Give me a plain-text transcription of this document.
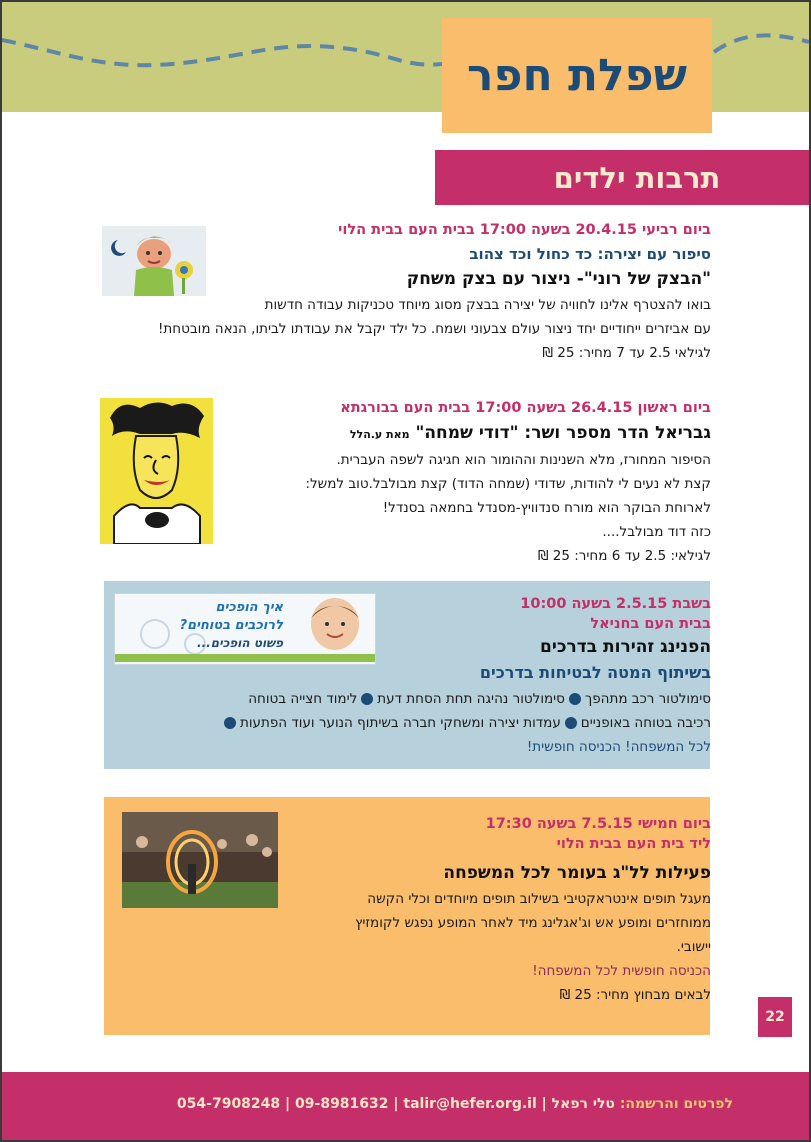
שפלת חפר
תרבות ילדים
ביום רביעי 20.4.15 בשעה 17:00 בבית העם בבית הלוי
סיפור עם יצירה: כד כחול וכד צהוב
"הבצק של רוני"- ניצור עם בצק משחק
בואו להצטרף אלינו לחוויה של יצירה בבצק מסוג מיוחד טכניקות עבודה חדשות
עם אביזרים ייחודיים יחד ניצור עולם צבעוני ושמח. כל ילד יקבל את עבודתו לביתו, הנאה מובטחת!
לגילאי 2.5 עד 7 מחיר: 25 ₪
ביום ראשון 26.4.15 בשעה 17:00 בבית העם בבורגתא
גבריאל הדר מספר ושר: "דודי שמחה" מאת ע.הלל
הסיפור המחורז, מלא השנינות וההומור הוא חגיגה לשפה העברית.
קצת לא נעים לי להודות, שדודי (שמחה הדוד) קצת מבולבל.טוב למשל:
לארוחת הבוקר הוא מורח סנדוויץ-מסנדל בחמאה בסנדל!
כזה דוד מבולבל....
לגילאי: 2.5 עד 6 מחיר: 25 ₪
איך הופכים
לרוכבים בטוחים?
פשוט הופכים...
בשבת 2.5.15 בשעה 10:00
בבית העם בחניאל
הפנינג זהירות בדרכים
בשיתוף המטה לבטיחות בדרכים
סימולטור רכב מתהפךסימולטור נהיגה תחת הסחת דעתלימוד חצייה בטוחה
רכיבה בטוחה באופנייםעמדות יצירה ומשחקי חברה בשיתוף הנוער ועוד הפתעות
לכל המשפחה! הכניסה חופשית!
ביום חמישי 7.5.15 בשעה 17:30
ליד בית העם בבית הלוי
פעילות לל"ג בעומר לכל המשפחה
מעגל תופים אינטראקטיבי בשילוב תופים מיוחדים וכלי הקשה
ממוחזרים ומופע אש וג'אגלינג מיד לאחר המופע נפגש לקומזיץ
יישובי.
הכניסה חופשית לכל המשפחה!
לבאים מבחוץ מחיר: 25 ₪
22
לפרטים והרשמה: טלי רפאל | 054-7908248 | 09-8981632 | talir@hefer.org.il
